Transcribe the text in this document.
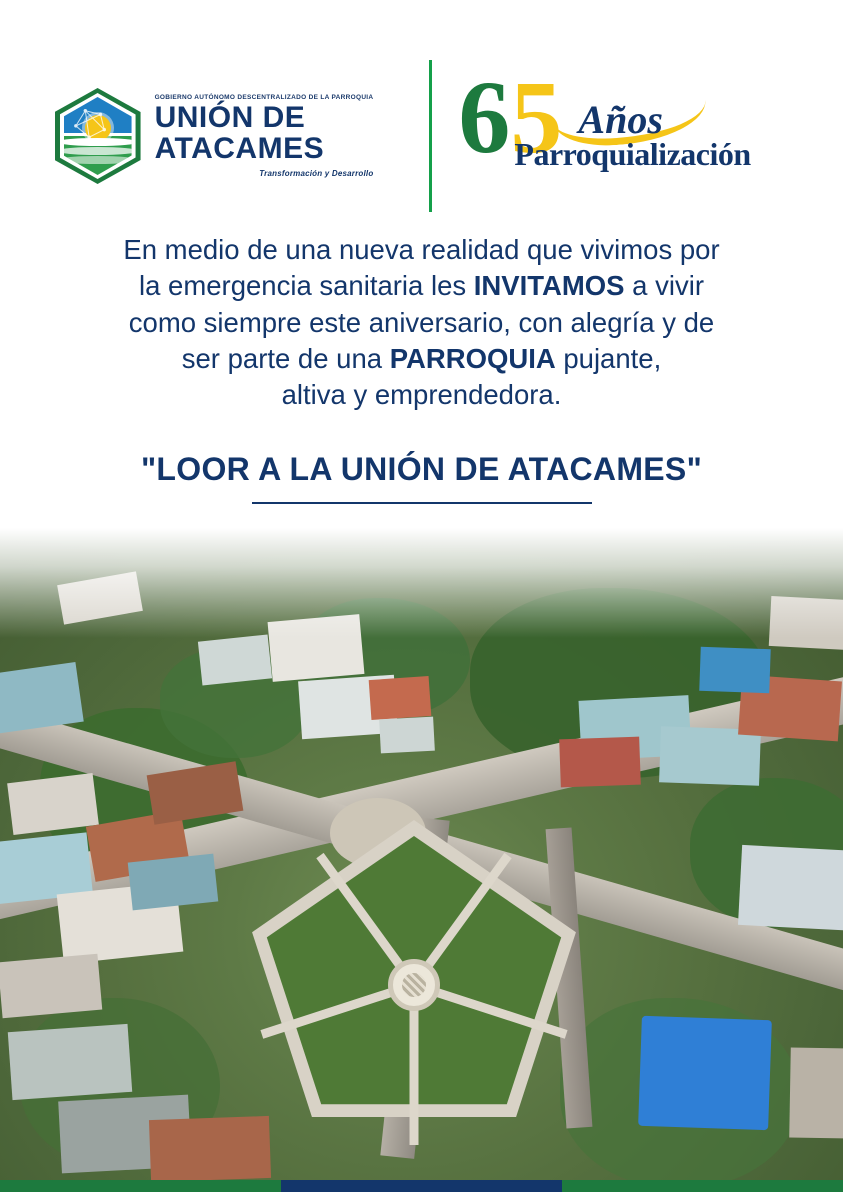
GOBIERNO AUTÓNOMO DESCENTRALIZADO DE LA PARROQUIA
UNIÓN DE
ATACAMES
Transformación y Desarrollo 65 Años
Parroquialización

En medio de una nueva realidad que vivimos por

la emergencia sanitaria les INVITAMOS a vivir

como siempre este aniversario, con alegría y de

ser parte de una PARROQUIA pujante,

altiva y emprendedora.

"LOOR A LA UNIÓN DE ATACAMES"
